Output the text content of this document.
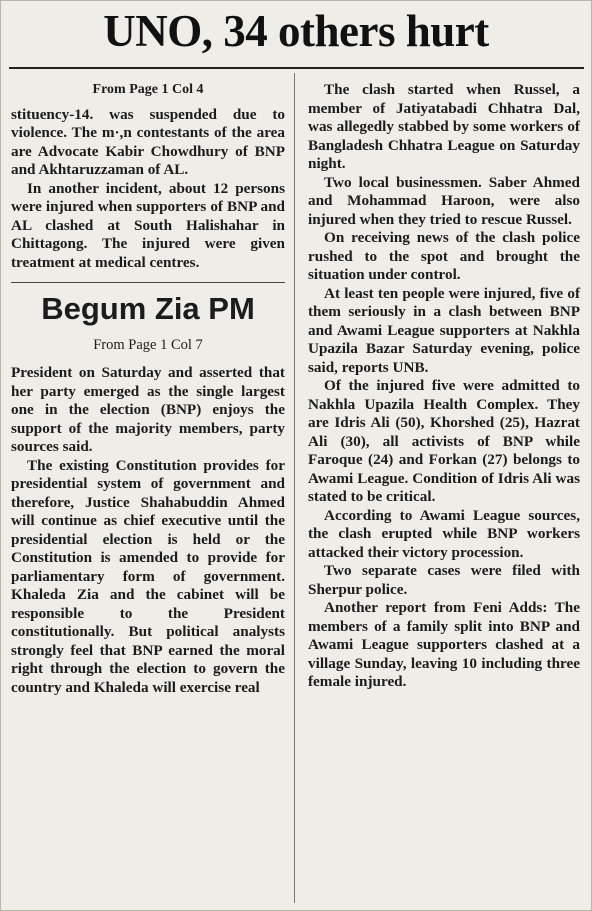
UNO, 34 others hurt
From Page 1 Col 4

stituency-14. was suspended due to violence. The m·,n contestants of the area are Advocate Kabir Chowdhury of BNP and Akhtaruzzaman of AL.

In another incident, about 12 persons were injured when supporters of BNP and AL clashed at South Halishahar in Chittagong. The injured were given treatment at medical centres.

Begum Zia PM
From Page 1 Col 7

President on Saturday and asserted that her party emerged as the single largest one in the election (BNP) enjoys the support of the majority members, party sources said.

The existing Constitution provides for presidential system of government and therefore, Justice Shahabuddin Ahmed will continue as chief executive until the presidential election is held or the Constitution is amended to provide for parliamentary form of government. Khaleda Zia and the cabinet will be responsible to the President constitutionally. But political analysts strongly feel that BNP earned the moral right through the election to govern the country and Khaleda will exercise real

The clash started when Russel, a member of Jatiyatabadi Chhatra Dal, was allegedly stabbed by some workers of Bangladesh Chhatra League on Saturday night.

Two local businessmen. Saber Ahmed and Mohammad Haroon, were also injured when they tried to rescue Russel.

On receiving news of the clash police rushed to the spot and brought the situation under control.

At least ten people were injured, five of them seriously in a clash between BNP and Awami League supporters at Nakhla Upazila Bazar Saturday evening, police said, reports UNB.

Of the injured five were admitted to Nakhla Upazila Health Complex. They are Idris Ali (50), Khorshed (25), Hazrat Ali (30), all activists of BNP while Faroque (24) and Forkan (27) belongs to Awami League. Condition of Idris Ali was stated to be critical.

According to Awami League sources, the clash erupted while BNP workers attacked their victory procession.

Two separate cases were filed with Sherpur police.

Another report from Feni Adds: The members of a family split into BNP and Awami League supporters clashed at a village Sunday, leaving 10 including three female injured.
